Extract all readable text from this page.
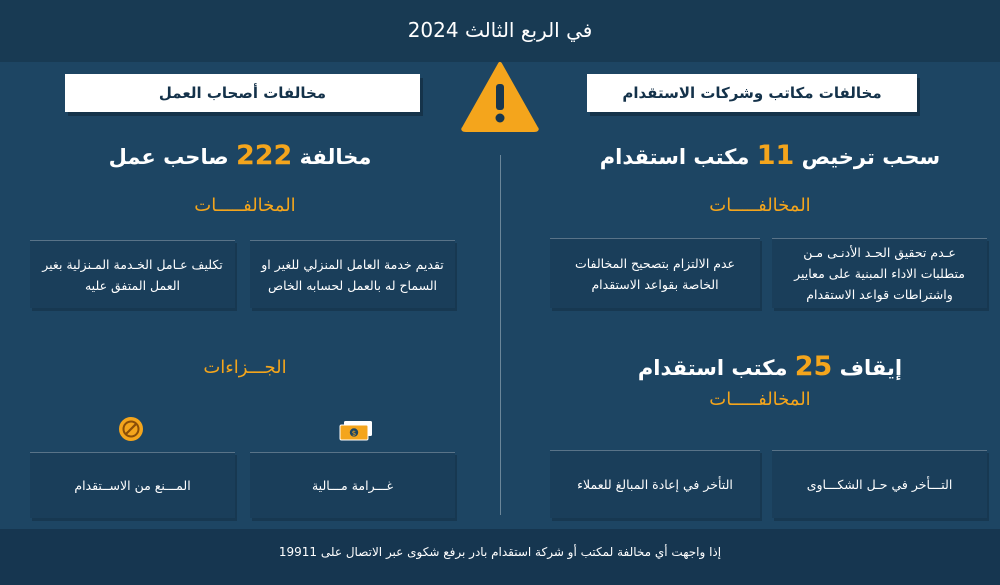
في الربع الثالث 2024
مخالفات مكاتب وشركات الاستقدام
مخالفات أصحاب العمل
سحب ترخيص 11 مكتب استقدام
المخالفـــــات
عـدم تحقيق الحـد الأدنـى مـن متطلبات الاداء المبنية على معايير واشتراطات قواعد الاستقدام
عدم الالتزام بتصحيح المخالفات الخاصة بقواعد الاستقدام
إيقاف 25 مكتب استقدام
المخالفـــــات
التـــأخر في حـل الشكـــاوى
التأخر في إعادة المبالغ للعملاء
مخالفة 222 صاحب عمل
المخالفـــــات
تقديم خدمة العامل المنزلي للغير او السماح له بالعمل لحسابه الخاص
تكليف عـامل الخـدمة المـنزلية بغير العمل المتفق عليه
الجـــزاءات
$
غـــرامة مـــالية
المـــنع من الاســتقدام
إذا واجهت أي مخالفة لمكتب أو شركة استقدام بادر برفع شكوى عبر الاتصال على 19911
